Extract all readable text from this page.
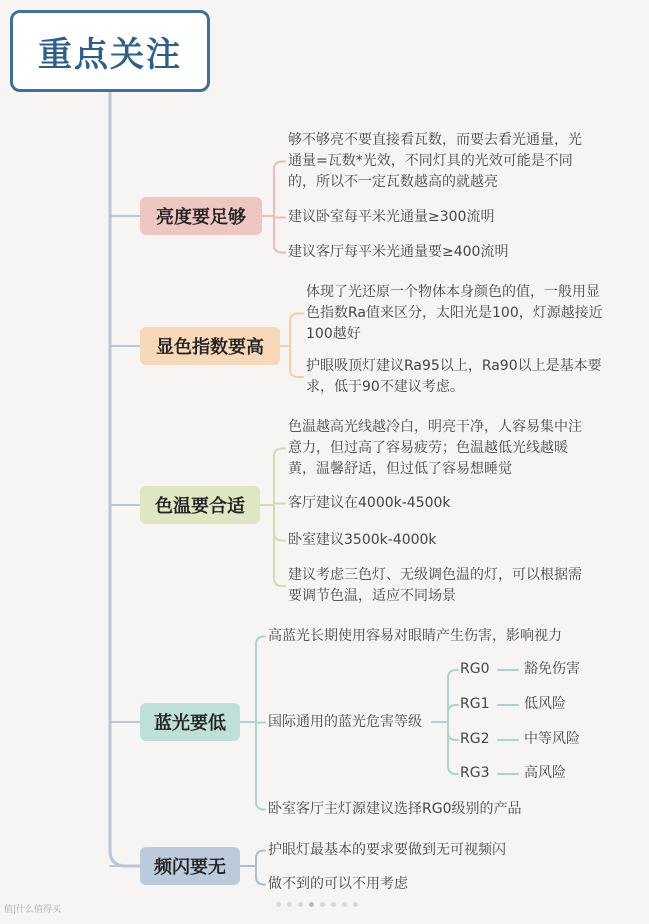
重点关注
亮度要足够
够不够亮不要直接看瓦数，而要去看光通量，光
通量=瓦数*光效，不同灯具的光效可能是不同
的，所以不一定瓦数越高的就越亮
建议卧室每平米光通量≥300流明
建议客厅每平米光通量要≥400流明
显色指数要高
体现了光还原一个物体本身颜色的值，一般用显
色指数Ra值来区分，太阳光是100，灯源越接近
100越好
护眼吸顶灯建议Ra95以上，Ra90以上是基本要
求，低于90不建议考虑。
色温要合适
色温越高光线越冷白，明亮干净，人容易集中注
意力，但过高了容易疲劳；色温越低光线越暖
黄，温馨舒适，但过低了容易想睡觉
客厅建议在4000k-4500k
卧室建议3500k-4000k
建议考虑三色灯、无级调色温的灯，可以根据需
要调节色温，适应不同场景
蓝光要低
高蓝光长期使用容易对眼睛产生伤害，影响视力
国际通用的蓝光危害等级
卧室客厅主灯源建议选择RG0级别的产品
频闪要无
护眼灯最基本的要求要做到无可视频闪
做不到的可以不用考虑
RG0 豁免伤害
RG1 低风险
RG2 中等风险
RG3 高风险
值|什么值得买
